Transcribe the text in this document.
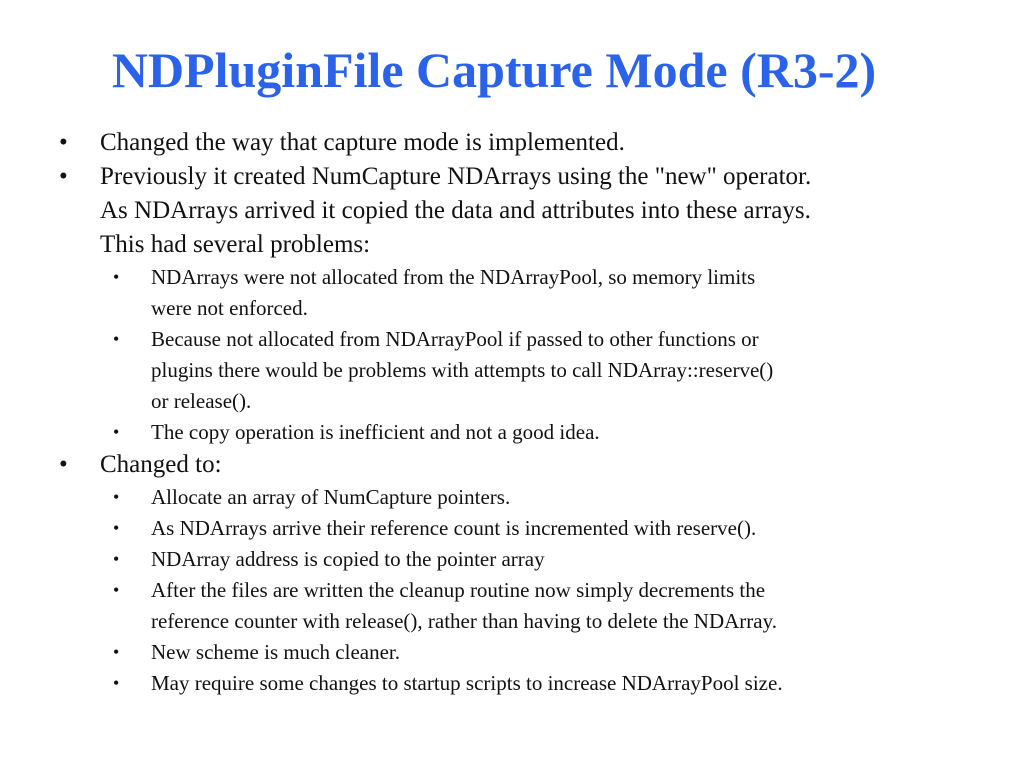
NDPluginFile Capture Mode (R3-2)
• Changed the way that capture mode is implemented.
• Previously it created NumCapture NDArrays using the "new" operator.
As NDArrays arrived it copied the data and attributes into these arrays.
This had several problems:
• NDArrays were not allocated from the NDArrayPool, so memory limits
were not enforced.
• Because not allocated from NDArrayPool if passed to other functions or
plugins there would be problems with attempts to call NDArray::reserve()
or release().
• The copy operation is inefficient and not a good idea.
• Changed to:
• Allocate an array of NumCapture pointers.
• As NDArrays arrive their reference count is incremented with reserve().
• NDArray address is copied to the pointer array
• After the files are written the cleanup routine now simply decrements the
reference counter with release(), rather than having to delete the NDArray.
• New scheme is much cleaner.
• May require some changes to startup scripts to increase NDArrayPool size.
